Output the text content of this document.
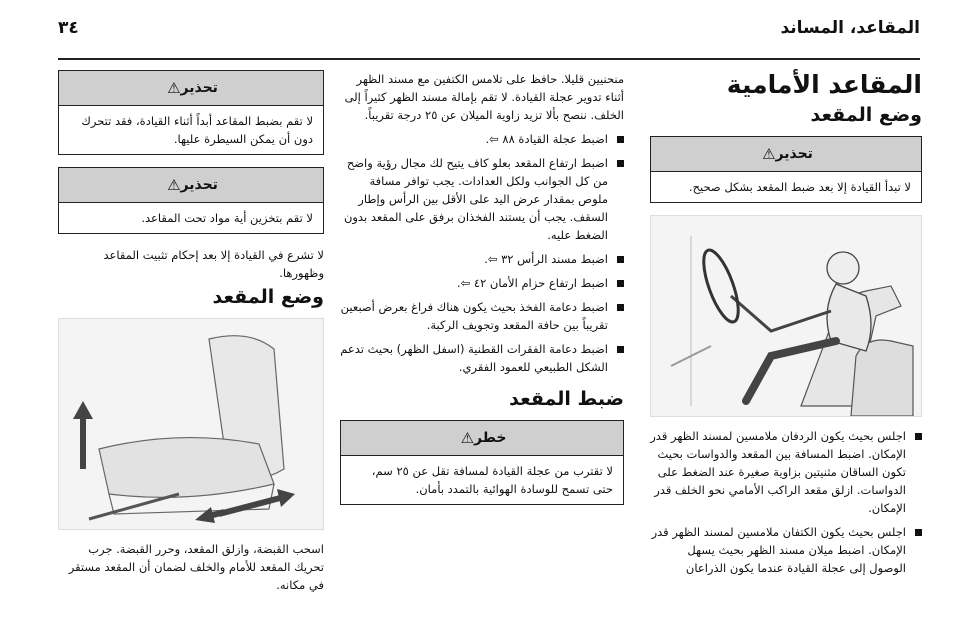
المقاعد، المساند
٣٤
المقاعد الأمامية
وضع المقعد
تحذير
⚠
لا تبدأ القيادة إلا بعد ضبط المقعد بشكل صحيح.
اجلس بحيث يكون الردفان ملامسين لمسند الظهر قدر الإمكان. اضبط المسافة بين المقعد والدواسات بحيث تكون الساقان مثنيتين بزاوية صغيرة عند الضغط على الدواسات. ازلق مقعد الراكب الأمامي نحو الخلف قدر الإمكان.
اجلس بحيث يكون الكتفان ملامسين لمسند الظهر قدر الإمكان. اضبط ميلان مسند الظهر بحيث يسهل الوصول إلى عجلة القيادة عندما يكون الذراعان

منحنيين قليلا. حافظ على تلامس الكتفين مع مسند الظهر أثناء تدوير عجلة القيادة. لا تقم بإمالة مسند الظهر كثيراً إلى الخلف. ننصح بألا تزيد زاوية الميلان عن ٢٥ درجة تقريباً.

اضبط عجلة القيادة ٨٨ ⇦.
اضبط ارتفاع المقعد بعلو كاف يتيح لك مجال رؤية واضح من كل الجوانب ولكل العدادات. يجب توافر مسافة ملوص بمقدار عرض اليد على الأقل بين الرأس وإطار السقف. يجب أن يستند الفخذان برفق على المقعد بدون الضغط عليه.
اضبط مسند الرأس ٣٢ ⇦.
اضبط ارتفاع حزام الأمان ٤٢ ⇦.
اضبط دعامة الفخذ بحيث يكون هناك فراغ بعرض أصبعين تقريباً بين حافة المقعد وتجويف الركبة.
اضبط دعامة الفقرات القطنية (اسفل الظهر) بحيث تدعم الشكل الطبيعي للعمود الفقري.
ضبط المقعد
خطر
⚠
لا تقترب من عجلة القيادة لمسافة تقل عن ٢٥ سم، حتى تسمح للوسادة الهوائية بالتمدد بأمان.
تحذير
⚠
لا تقم بضبط المقاعد أبداً أثناء القيادة، فقد تتحرك دون أن يمكن السيطرة عليها.
تحذير
⚠
لا تقم بتخزين أية مواد تحت المقاعد.

لا تشرع في القيادة إلا بعد إحكام تثبيت المقاعد وظهورها.

وضع المقعد

اسحب القبضة، وازلق المقعد، وحرر القبضة. جرب تحريك المقعد للأمام والخلف لضمان أن المقعد مستقر في مكانه.
